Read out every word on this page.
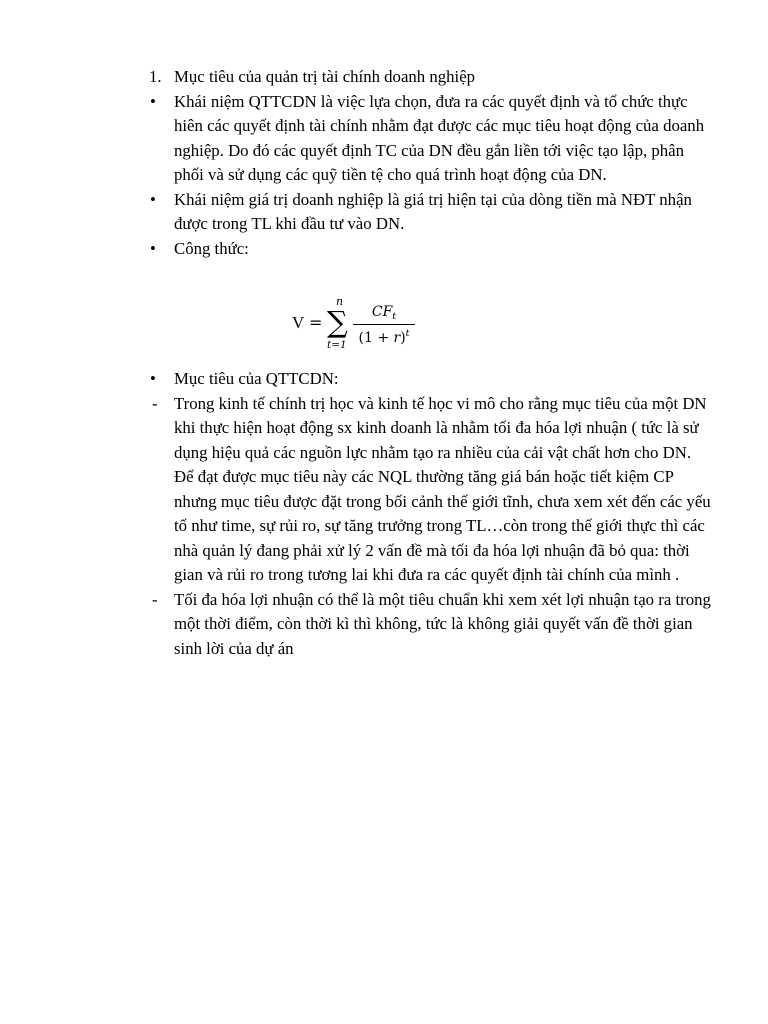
1. Mục tiêu của quản trị tài chính doanh nghiệp
• Khái niệm QTTCDN là việc lựa chọn, đưa ra các quyết định và tổ chức thực
hiên các quyết định tài chính nhằm đạt được các mục tiêu hoạt động của doanh
nghiệp. Do đó các quyết định TC của DN đều gắn liền tới việc tạo lập, phân
phối và sử dụng các quỹ tiền tệ cho quá trình hoạt động của DN.
• Khái niệm giá trị doanh nghiệp là giá trị hiện tại của dòng tiền mà NĐT nhận
được trong TL khi đầu tư vào DN.
• Công thức:
V = ∑
n
t=1
$CF_t$
$(1 + r)^t$
• Mục tiêu của QTTCDN:
- Trong kinh tế chính trị học và kinh tế học vi mô cho rằng mục tiêu của một DN
khi thực hiện hoạt động sx kinh doanh là nhằm tối đa hóa lợi nhuận ( tức là sử
dụng hiệu quả các nguồn lực nhằm tạo ra nhiều của cải vật chất hơn cho DN.
Để đạt được mục tiêu này các NQL thường tăng giá bán hoặc tiết kiệm CP
nhưng mục tiêu được đặt trong bối cảnh thế giới tĩnh, chưa xem xét đến các yếu
tố như time, sự rủi ro, sự tăng trưởng trong TL…còn trong thế giới thực thì các
nhà quản lý đang phải xử lý 2 vấn đề mà tối đa hóa lợi nhuận đã bỏ qua: thời
gian và rủi ro trong tương lai khi đưa ra các quyết định tài chính của mình .
- Tối đa hóa lợi nhuận có thể là một tiêu chuẩn khi xem xét lợi nhuận tạo ra trong
một thời điểm, còn thời kì thì không, tức là không giải quyết vấn đề thời gian
sinh lời của dự án
